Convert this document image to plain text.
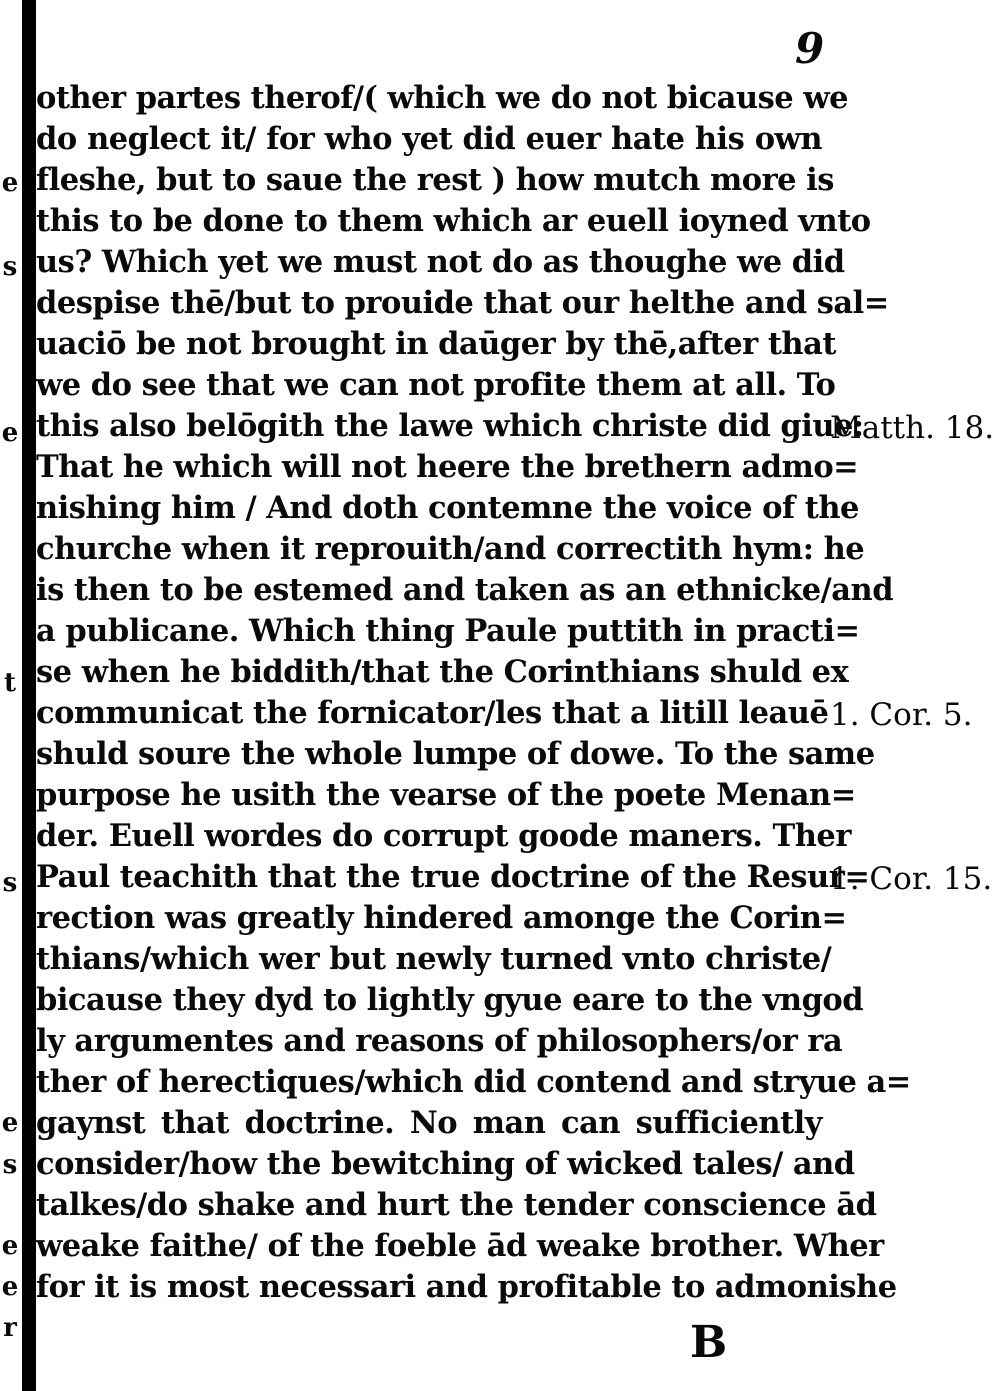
e
s
e
t
s
e
s
e
e
r
9
other partes therof/( which we do not bicause we
do neglect it/ for who yet did euer hate his own
fleshe, but to saue the rest ) how mutch more is
this to be done to them which ar euell ioyned vnto
us? Which yet we must not do as thoughe we did
despise thē/but to prouide that our helthe and sal=
uaciō be not brought in daūger by thē,after that
we do see that we can not profite them at all. To
this also belōgith the lawe which christe did giue:
That he which will not heere the brethern admo=
nishing him / And doth contemne the voice of the
churche when it reprouith/and correctith hym: he
is then to be estemed and taken as an ethnicke/and
a publicane. Which thing Paule puttith in practi=
se when he biddith/that the Corinthians shuld ex
communicat the fornicator/les that a litill leauē
shuld soure the whole lumpe of dowe. To the same
purpose he usith the vearse of the poete Menan=
der. Euell wordes do corrupt goode maners. Ther
Paul teachith that the true doctrine of the Resur=
rection was greatly hindered amonge the Corin=
thians/which wer but newly turned vnto christe/
bicause they dyd to lightly gyue eare to the vngod
ly argumentes and reasons of philosophers/or ra
ther of herectiques/which did contend and stryue a=
gaynst that doctrine. No man can sufficiently
consider/how the bewitching of wicked tales/ and
talkes/do shake and hurt the tender conscience ād
weake faithe/ of the foeble ād weake brother. Wher
for it is most necessari and profitable to admonishe
Matth. 18.
1. Cor. 5.
1. Cor. 15.
B
